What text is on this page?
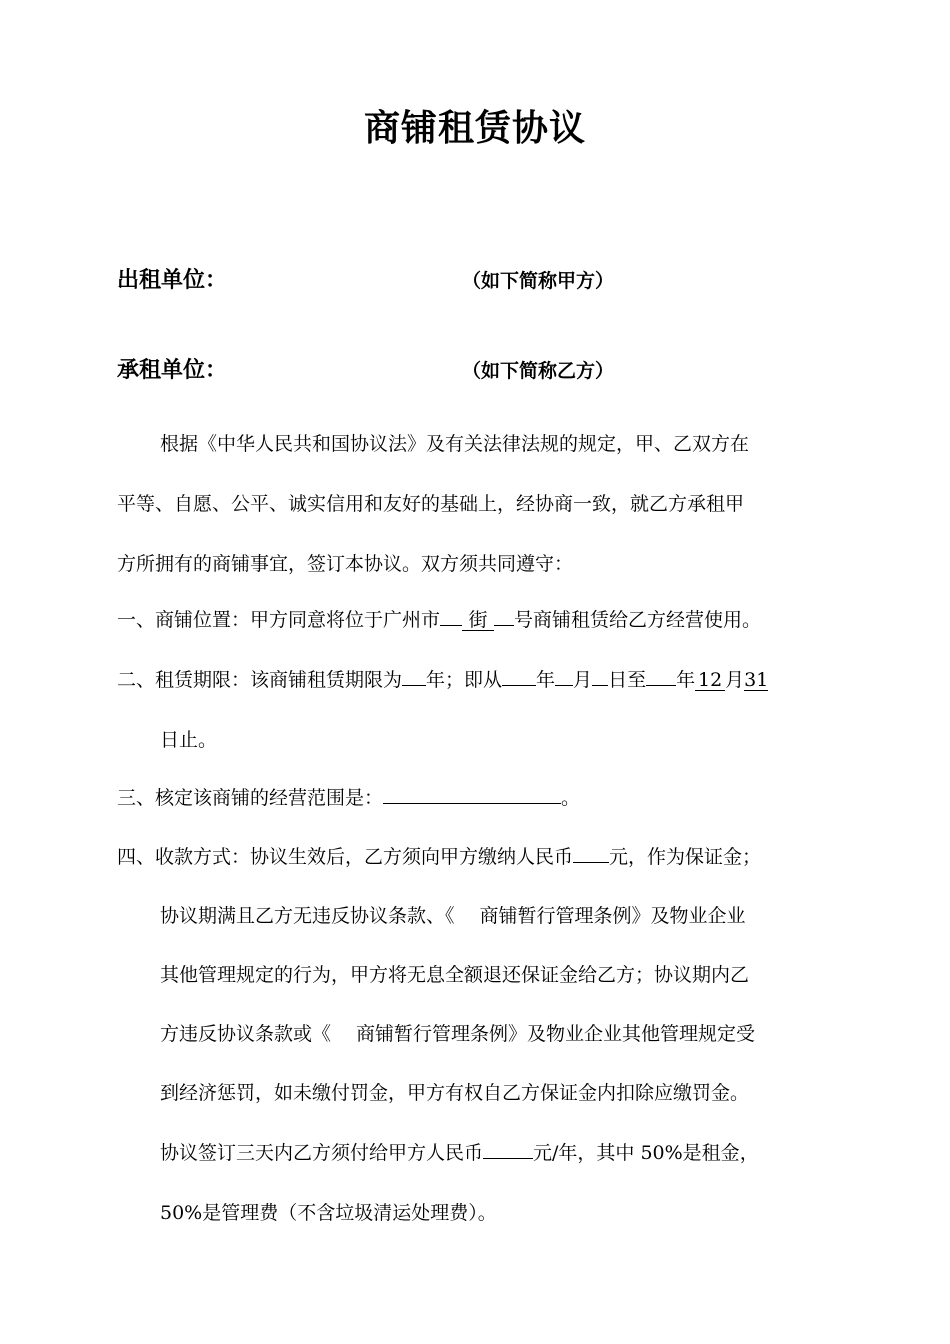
商铺租赁协议
出租单位：	（如下简称甲方）
承租单位：	（如下简称乙方）
根据《中华人民共和国协议法》及有关法律法规的规定，甲、乙双方在
平等、自愿、公平、诚实信用和友好的基础上，经协商一致，就乙方承租甲
方所拥有的商铺事宜，签订本协议。双方须共同遵守：
一、商铺位置：甲方同意将位于广州市 街 号商铺租赁给乙方经营使用。
二、租赁期限：该商铺租赁期限为 年；即从 年 月 日至 年 12 月31
日止。
三、核定该商铺的经营范围是：	。
四、收款方式：协议生效后，乙方须向甲方缴纳人民币 元，作为保证金；
协议期满且乙方无违反协议条款、《　 商铺暂行管理条例》及物业企业
其他管理规定的行为，甲方将无息全额退还保证金给乙方；协议期内乙
方违反协议条款或《　 商铺暂行管理条例》及物业企业其他管理规定受
到经济惩罚，如未缴付罚金，甲方有权自乙方保证金内扣除应缴罚金。
协议签订三天内乙方须付给甲方人民币	元/年，其中 50%是租金，
50%是管理费（不含垃圾清运处理费）。
